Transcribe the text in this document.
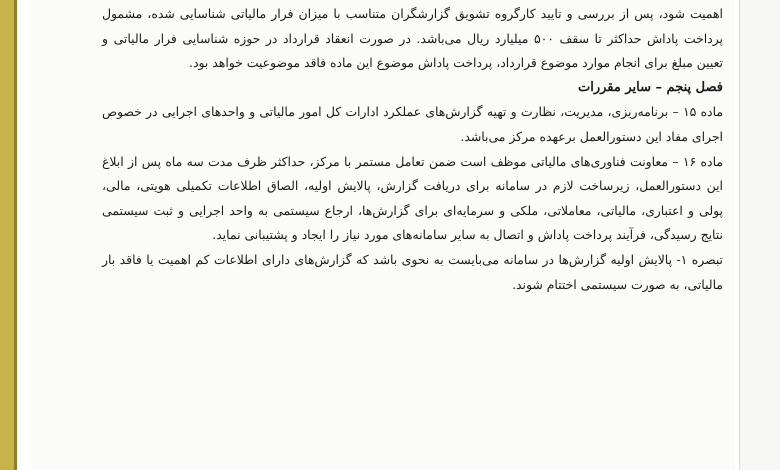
اهمیت شود، پس از بررسی و تایید کارگروه تشویق گزارشگران متناسب با میزان فرار مالیاتی شناسایی شده، مشمول پرداخت پاداش حداکثر تا سقف ۵۰۰ میلیارد ریال می‌باشد. در صورت انعقاد قرارداد در حوزه شناسایی فرار مالیاتی و تعیین مبلغ برای انجام موارد موضوع قرارداد، پرداخت پاداش موضوع این ماده فاقد موضوعیت خواهد بود.

فصل پنجم – سایر مقررات

ماده ۱۵ – برنامه‌ریزی، مدیریت، نظارت و تهیه گزارش‌های عملکرد ادارات کل امور مالیاتی و واحدهای اجرایی در خصوص اجرای مفاد این دستورالعمل برعهده مرکز می‌باشد.

ماده ۱۶ – معاونت فناوری‌های مالیاتی موظف است ضمن تعامل مستمر با مرکز، حداکثر ظرف مدت سه ماه پس از ابلاغ این دستورالعمل، زیرساخت لازم در سامانه برای دریافت گزارش، پالایش اولیه، الصاق اطلاعات تکمیلی هویتی، مالی، پولی و اعتباری، مالیاتی، معاملاتی، ملکی و سرمایه‌ای برای گزارش‌ها، ارجاع سیستمی به واحد اجرایی و ثبت سیستمی نتایج رسیدگی، فرآیند پرداخت پاداش و اتصال به سایر سامانه‌های مورد نیاز را ایجاد و پشتیبانی نماید.

تبصره ۱- پالایش اولیه گزارش‌ها در سامانه می‌بایست به نحوی باشد که گزارش‌های دارای اطلاعات کم اهمیت یا فاقد بار مالیاتی، به صورت سیستمی اختتام شوند.
